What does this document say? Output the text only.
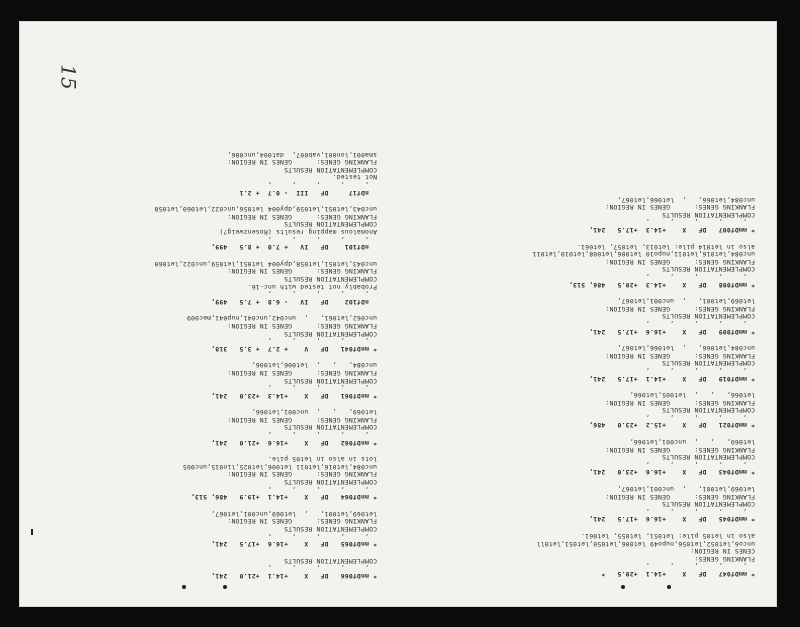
* mmDf047   DF   X    +14.1  +20.5   *
,     ,     ,     ,     ,
FLANKING GENES:
CENES IN REGION:
unco6,let052,let056,nupo49 let006,let050,let051,let0ll
also in let05 pile: let051, let055, let061.
* mmDf045   DF   X    +16.6  +17.5   241,
,     ,     ,     ,     ,
COMPLEMENTATION RESULTS
FLANKING GENES:      GENES IN REGION:
let069,let001,   ,  unc001,let067,
* mmDf043   DF   X    +16.6  +23.0   241,
,     ,     ,     ,     ,
COMPLEMENTATION RESULTS
FLANKING GENES:      GENES IN REGION:
let069,   ,   ,  unc001,let066,
* mmDf021   DF   X    +15.2  +23.0   486,
,     ,     ,     ,     ,
COMPLEMENTATION RESULTS
FLANKING GENES:      GENES IN REGION:
let066,   ,   ,  let005,let066,
* mmDf019   DF   X    +14.1  +17.5   241,
,     ,     ,     ,     ,
COMPLEMENTATION RESULTS
FLANKING GENES:      GENES IN REGION:
unc084,let066,   ,  let066,let067,
* mmDf009   DF   X    +16.6  +17.5   241,
,     ,     ,     ,     ,
COMPLEMENTATION RESULTS
FLANKING GENES:      GENES IN REGION:
let069,let001,   ,  unc001,let067,
* mmDf008   DF   X    +14.3  +20.5   486, 513,
,     ,     ,     ,     ,
COMPLEMENTATION RESULTS
FLANKING GENES:      GENES IN REGION:
unc084,let016,let011,nupo10 let006,let008,let010,let011
also in let014 pile: let013, let057, let061.
* mmDf007   DF   X    +14.3  +17.5   241,
,     ,     ,     ,     ,
COMPLEMENTATION RESULTS
FLANKING GENES:      GENES IN REGION:
unc084,let066,   ,  let066,let067,
* mnDf066   DF   X    +14.1  +21.0   241,
,     ,     ,     ,     ,
COMPLEMENTATION RESULTS
* mnDf065   DF   X    +16.6  +17.5   241,
,     ,     ,     ,     ,
COMPLEMENTATION RESULTS
FLANKING GENES:      GENES IN REGION:
let069,let001,   ,  let069,unc001,let067,
* mnDf064   DF   X    +14.1  +19.9   486, 513,
,     ,     ,     ,     ,
COMPLEMENTATION RESULTS
FLANKING GENES:      GENES IN REGION:
unc084,let016,let011 let006,let025,lin015,unc005
lots in also in let05 pile.
* mnDf062   DF   X    +16.6  +21.0   241,
,     ,     ,     ,     ,
COMPLEMENTATION RESULTS
FLANKING GENES:      GENES IN REGION:
let069,   ,   ,  unc001,let066,
* mnDf061   DF   X    +14.3  +23.0   241,
,     ,     ,     ,     ,
COMPLEMENTATION RESULTS
FLANKING GENES:      GENES IN REGION:
unc084,   ,   ,  let006,let006,
* mnDf041   DF   V    + 2.7  + 3.5   318,
,     ,     ,     ,     ,
COMPLEMENTATION RESULTS
FLANKING GENES:      GENES IN REGION:
unc062,let061,   ,  unc042,unc041,nup041,mec009
nDf102    DF   IV   - 6.8  + 7.5   499,
,     ,     ,     ,     ,
Probably not tested with unc-16.
COMPLEMENTATION RESULTS
FLANKING GENES:      GENES IN REGION:
unc043,let051,let058,dpy004 let051,let059,unc022,let060
nDf101    DF   IV   + 7.0  + 8.5   499,
,     ,     ,     ,     ,
Anomalous mapping results (Rosenzweig?)
COMPLEMENTATION RESULTS
FLANKING GENES:      GENES IN REGION:
unc043,let051,let059,dpy004 let056,unc022,let060,let058
nDf17     DF   III  - 0.7  + 2.1
,     ,     ,     ,     ,
Not tested.
COMPLEMENTATION RESULTS
FLANKING GENES:      GENES IN REGION:
sma001,lon001,vab007,  dat004,unc086,
15
